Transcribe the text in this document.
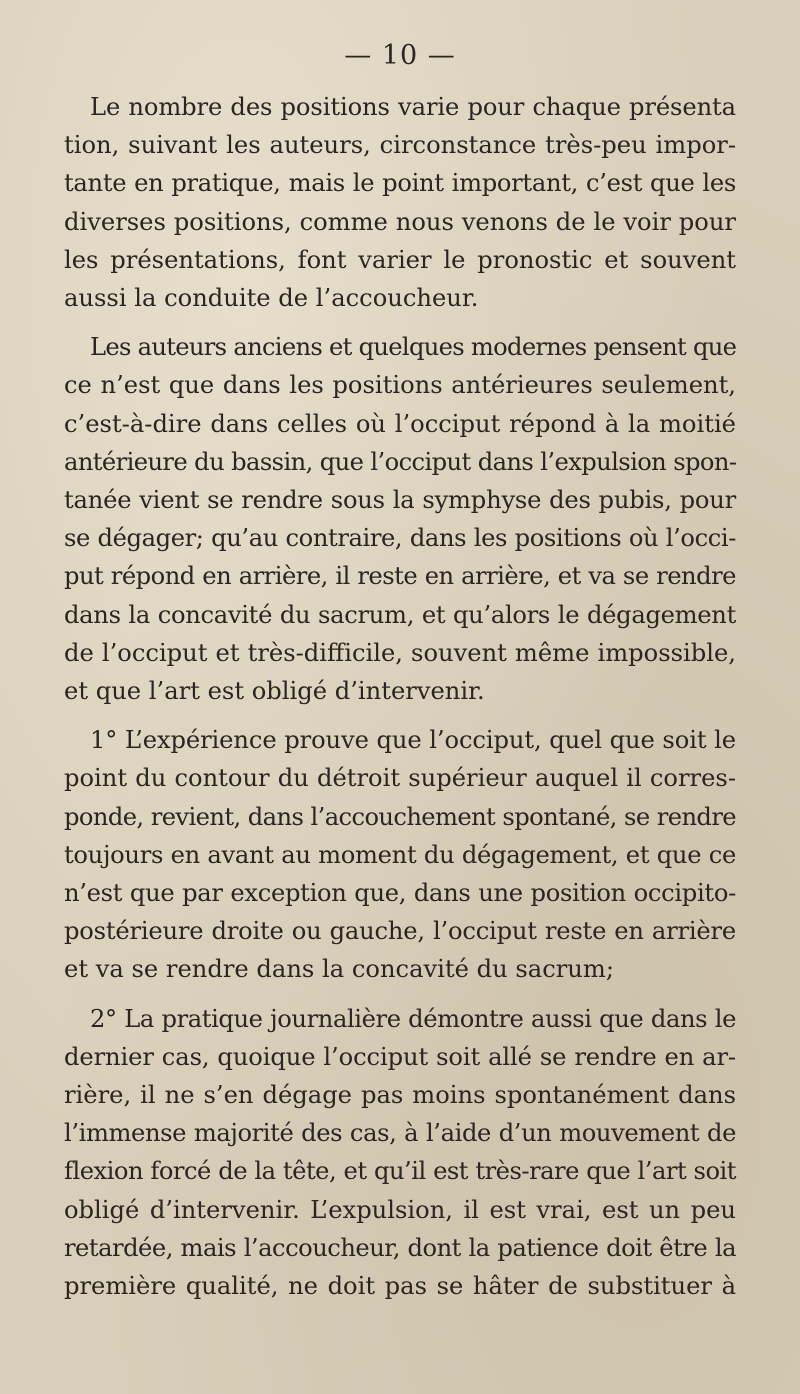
— 10 —

Le nombre des positions varie pour chaque présenta
tion, suivant les auteurs, circonstance très-peu impor-
tante en pratique, mais le point important, c’est que les
diverses positions, comme nous venons de le voir pour
les présentations, font varier le pronostic et souvent
aussi la conduite de l’accoucheur.

Les auteurs anciens et quelques modernes pensent que
ce n’est que dans les positions antérieures seulement,
c’est-à-dire dans celles où l’occiput répond à la moitié
antérieure du bassin, que l’occiput dans l’expulsion spon-
tanée vient se rendre sous la symphyse des pubis, pour
se dégager; qu’au contraire, dans les positions où l’occi-
put répond en arrière, il reste en arrière, et va se rendre
dans la concavité du sacrum, et qu’alors le dégagement
de l’occiput et très-difficile, souvent même impossible,
et que l’art est obligé d’intervenir.

1° L’expérience prouve que l’occiput, quel que soit le
point du contour du détroit supérieur auquel il corres-
ponde, revient, dans l’accouchement spontané, se rendre
toujours en avant au moment du dégagement, et que ce
n’est que par exception que, dans une position occipito-
postérieure droite ou gauche, l’occiput reste en arrière
et va se rendre dans la concavité du sacrum;

2° La pratique journalière démontre aussi que dans le
dernier cas, quoique l’occiput soit allé se rendre en ar-
rière, il ne s’en dégage pas moins spontanément dans
l’immense majorité des cas, à l’aide d’un mouvement de
flexion forcé de la tête, et qu’il est très-rare que l’art soit
obligé d’intervenir. L’expulsion, il est vrai, est un peu
retardée, mais l’accoucheur, dont la patience doit être la
première qualité, ne doit pas se hâter de substituer à
